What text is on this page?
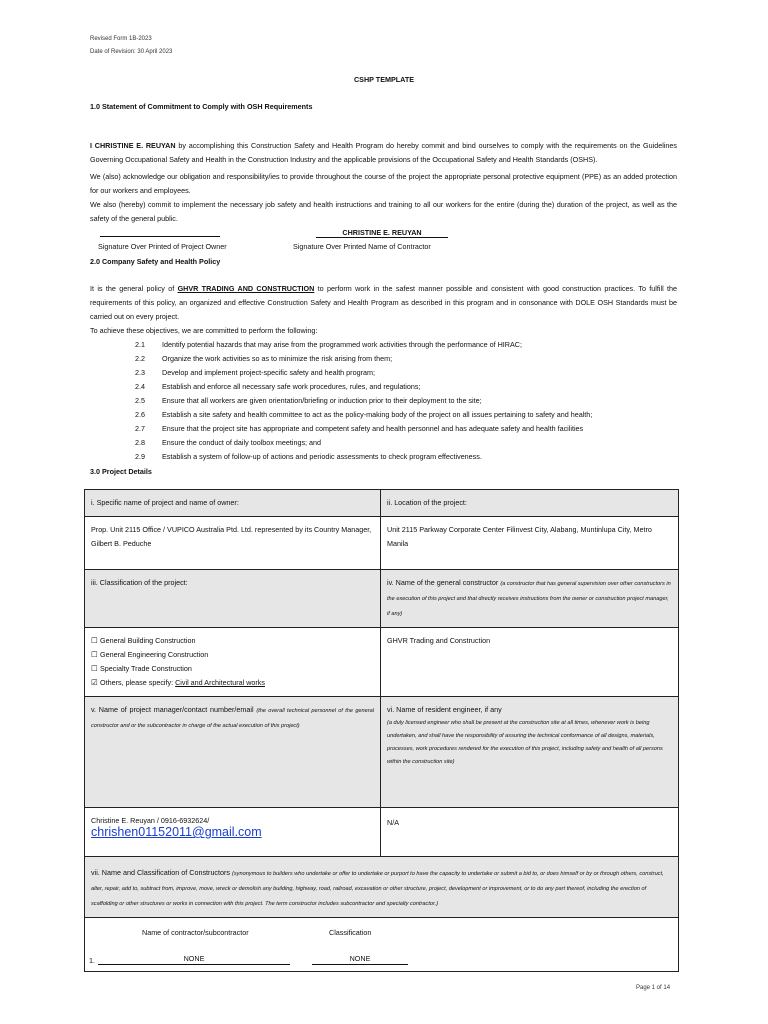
Revised Form 1B-2023
Date of Revision: 30 April 2023
CSHP TEMPLATE
1.0 Statement of Commitment to Comply with OSH Requirements
I CHRISTINE E. REUYAN by accomplishing this Construction Safety and Health Program do hereby commit and bind ourselves to comply with the requirements on the Guidelines Governing Occupational Safety and Health in the Construction Industry and the applicable provisions of the Occupational Safety and Health Standards (OSHS).
We (also) acknowledge our obligation and responsibility/ies to provide throughout the course of the project the appropriate personal protective equipment (PPE) as an added protection for our workers and employees.
We also (hereby) commit to implement the necessary job safety and health instructions and training to all our workers for the entire (during the) duration of the project, as well as the safety of the general public.
CHRISTINE E. REUYAN
Signature Over Printed of Project Owner	Signature Over Printed Name of Contractor
2.0 Company Safety and Health Policy
It is the general policy of GHVR TRADING AND CONSTRUCTION to perform work in the safest manner possible and consistent with good construction practices. To fulfill the requirements of this policy, an organized and effective Construction Safety and Health Program as described in this program and in consonance with DOLE OSH Standards must be carried out on every project.
To achieve these objectives, we are committed to perform the following:
2.1	Identify potential hazards that may arise from the programmed work activities through the performance of HIRAC;
2.2	Organize the work activities so as to minimize the risk arising from them;
2.3	Develop and implement project-specific safety and health program;
2.4	Establish and enforce all necessary safe work procedures, rules, and regulations;
2.5	Ensure that all workers are given orientation/briefing or induction prior to their deployment to the site;
2.6	Establish a site safety and health committee to act as the policy-making body of the project on all issues pertaining to safety and health;
2.7	Ensure that the project site has appropriate and competent safety and health personnel and has adequate safety and health facilities
2.8	Ensure the conduct of daily toolbox meetings; and
2.9	Establish a system of follow-up of actions and periodic assessments to check program effectiveness.
3.0 Project Details
i. Specific name of project and name of owner:	ii. Location of the project:
Prop. Unit 2115 Office / VUPICO Australia Ptd. Ltd. represented by its Country Manager, Gilbert B. Peduche	Unit 2115 Parkway Corporate Center Filinvest City, Alabang, Muntinlupa City, Metro Manila
iii. Classification of the project:	iv. Name of the general constructor (a constructor that has general supervision over other constructors in the execution of this project and that directly receives instructions from the owner or construction project manager, if any)

☐ General Building Construction
☐ General Engineering Construction
☐ Specialty Trade Construction
☑ Others, please specify: Civil and Architectural works	GHVR Trading and Construction
v. Name of project manager/contact number/email (the overall technical personnel of the general constructor and or the subcontractor in charge of the actual execution of this project)	vi. Name of resident engineer, if any
(a duly licensed engineer who shall be present at the construction site at all times, whenever work is being undertaken, and shall have the responsibility of assuring the technical conformance of all designs, materials, processes, work procedures rendered for the execution of this project, including safety and health of all persons within the construction site)

Christine E. Reuyan / 0916-6932624/
chrishen01152011@gmail.com	N/A
vii. Name and Classification of Constructors (synonymous to builders who undertake or offer to undertake or purport to have the capacity to undertake or submit a bid to, or does himself or by or through others, construct, alter, repair, add to, subtract from, improve, move, wreck or demolish any building, highway, road, railroad, excavation or other structure, project, development or improvement, or to do any part thereof, including the erection of scaffolding or other structures or works in connection with this project. The term constructor includes subcontractor and specialty contractor.)	

Name of contractor/subcontractor Classification
1. NONE NONE	
Page 1 of 14
